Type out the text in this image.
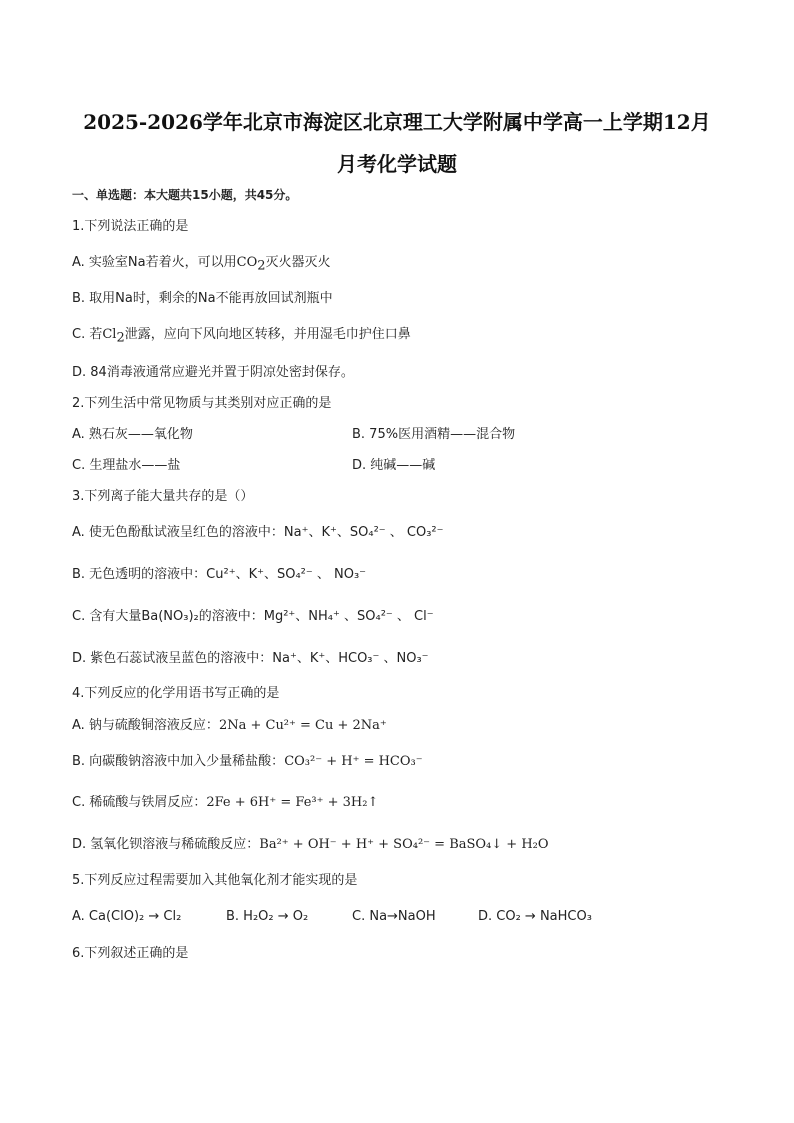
2025-2026学年北京市海淀区北京理工大学附属中学高一上学期12月
月考化学试题
一、单选题：本大题共15小题，共45分。
1.下列说法正确的是
A. 实验室Na若着火，可以用$CO_2$灭火器灭火
B. 取用Na时，剩余的Na不能再放回试剂瓶中
C. 若$Cl_2$泄露，应向下风向地区转移，并用湿毛巾护住口鼻
D. 84消毒液通常应避光并置于阴凉处密封保存。
2.下列生活中常见物质与其类别对应正确的是
A. 熟石灰——氧化物	B. 75%医用酒精——混合物
C. 生理盐水——盐	D. 纯碱——碱
3.下列离子能大量共存的是（）
A. 使无色酚酞试液呈红色的溶液中：Na⁺、K⁺、SO₄²⁻ 、 CO₃²⁻
B. 无色透明的溶液中：Cu²⁺、K⁺、SO₄²⁻ 、 NO₃⁻
C. 含有大量Ba(NO₃)₂的溶液中：Mg²⁺、NH₄⁺ 、SO₄²⁻ 、 Cl⁻
D. 紫色石蕊试液呈蓝色的溶液中：Na⁺、K⁺、HCO₃⁻ 、NO₃⁻
4.下列反应的化学用语书写正确的是
A. 钠与硫酸铜溶液反应：2Na + Cu²⁺ = Cu + 2Na⁺
B. 向碳酸钠溶液中加入少量稀盐酸：CO₃²⁻ + H⁺ = HCO₃⁻
C. 稀硫酸与铁屑反应：2Fe + 6H⁺ = Fe³⁺ + 3H₂↑
D. 氢氧化钡溶液与稀硫酸反应：Ba²⁺ + OH⁻ + H⁺ + SO₄²⁻ = BaSO₄↓ + H₂O
5.下列反应过程需要加入其他氧化剂才能实现的是
A. Ca(ClO)₂ → Cl₂	B. H₂O₂ → O₂	C. Na→NaOH	D. CO₂ → NaHCO₃
6.下列叙述正确的是
